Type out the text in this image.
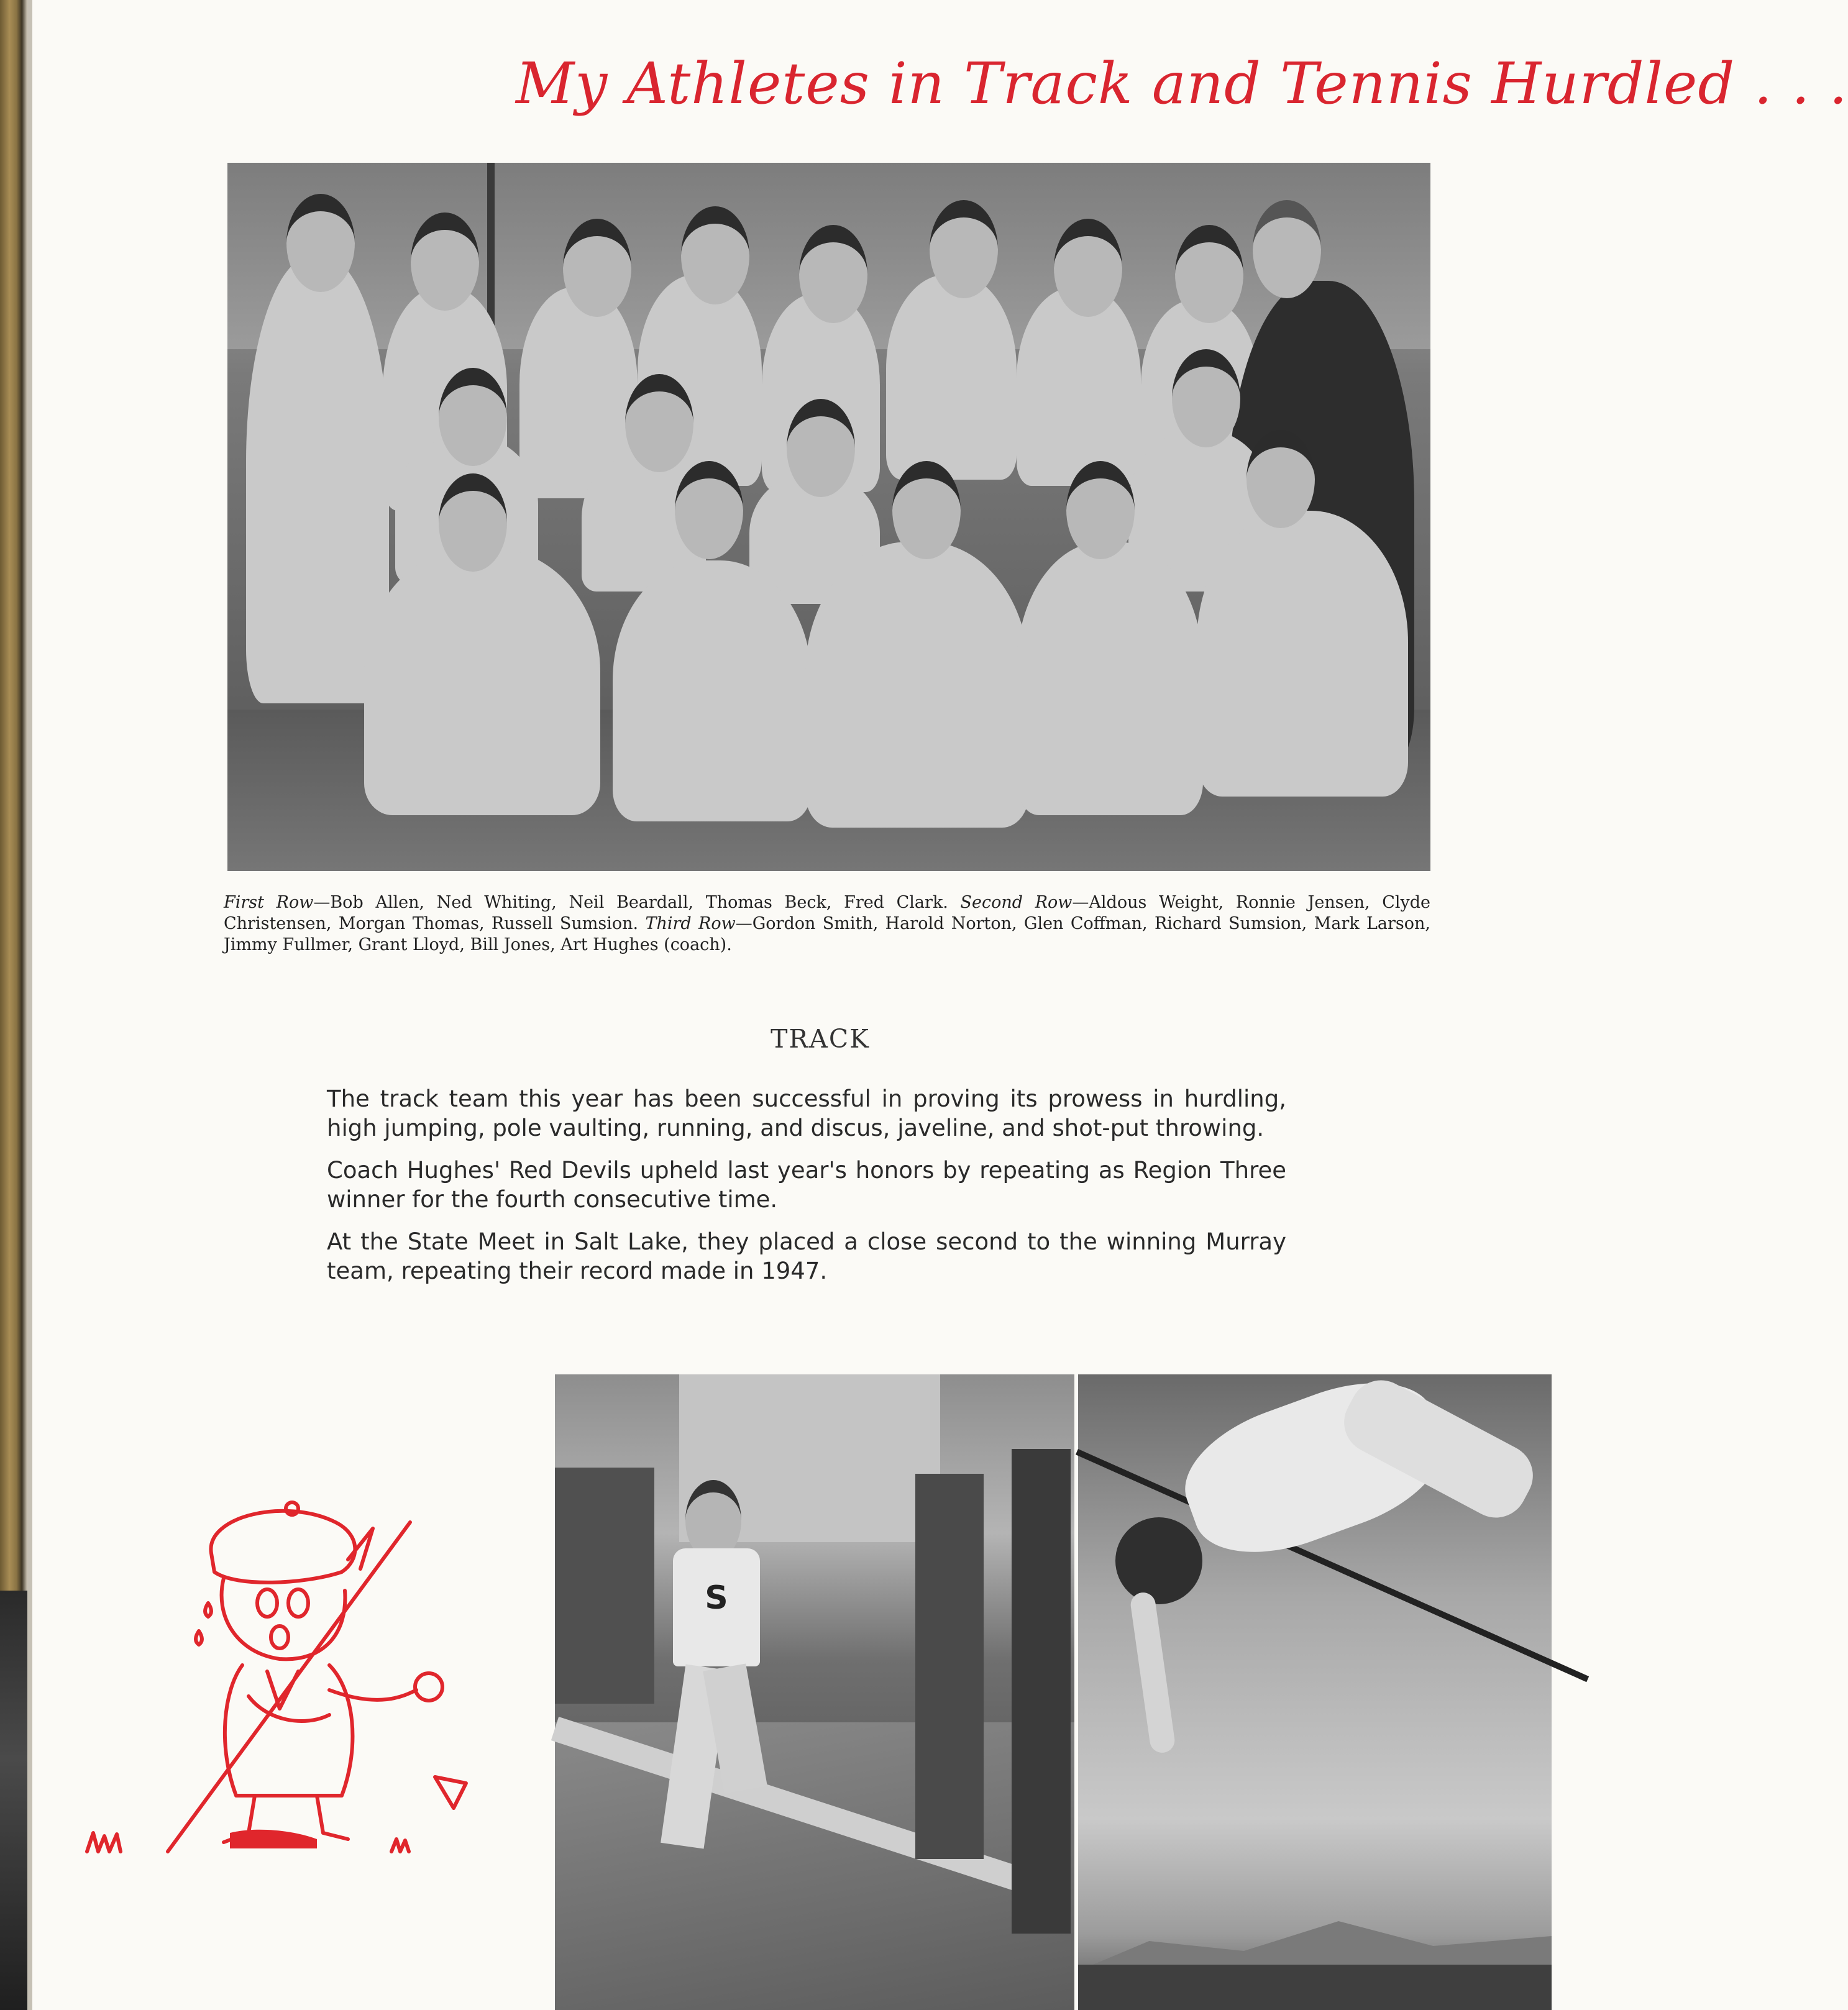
My Athletes in Track and Tennis Hurdled . . .
First Row—Bob Allen, Ned Whiting, Neil Beardall, Thomas Beck, Fred Clark. Second Row—Aldous Weight, Ronnie Jensen, Clyde Christensen, Morgan Thomas, Russell Sumsion. Third Row—Gordon Smith, Harold Norton, Glen Coffman, Richard Sumsion, Mark Larson, Jimmy Fullmer, Grant Lloyd, Bill Jones, Art Hughes (coach).
TRACK

The track team this year has been successful in proving its prowess in hurdling, high jumping, pole vaulting, running, and discus, javeline, and shot-put throwing.

Coach Hughes' Red Devils upheld last year's honors by repeating as Region Three winner for the fourth consecutive time.

At the State Meet in Salt Lake, they placed a close second to the winning Murray team, repeating their record made in 1947.

S
